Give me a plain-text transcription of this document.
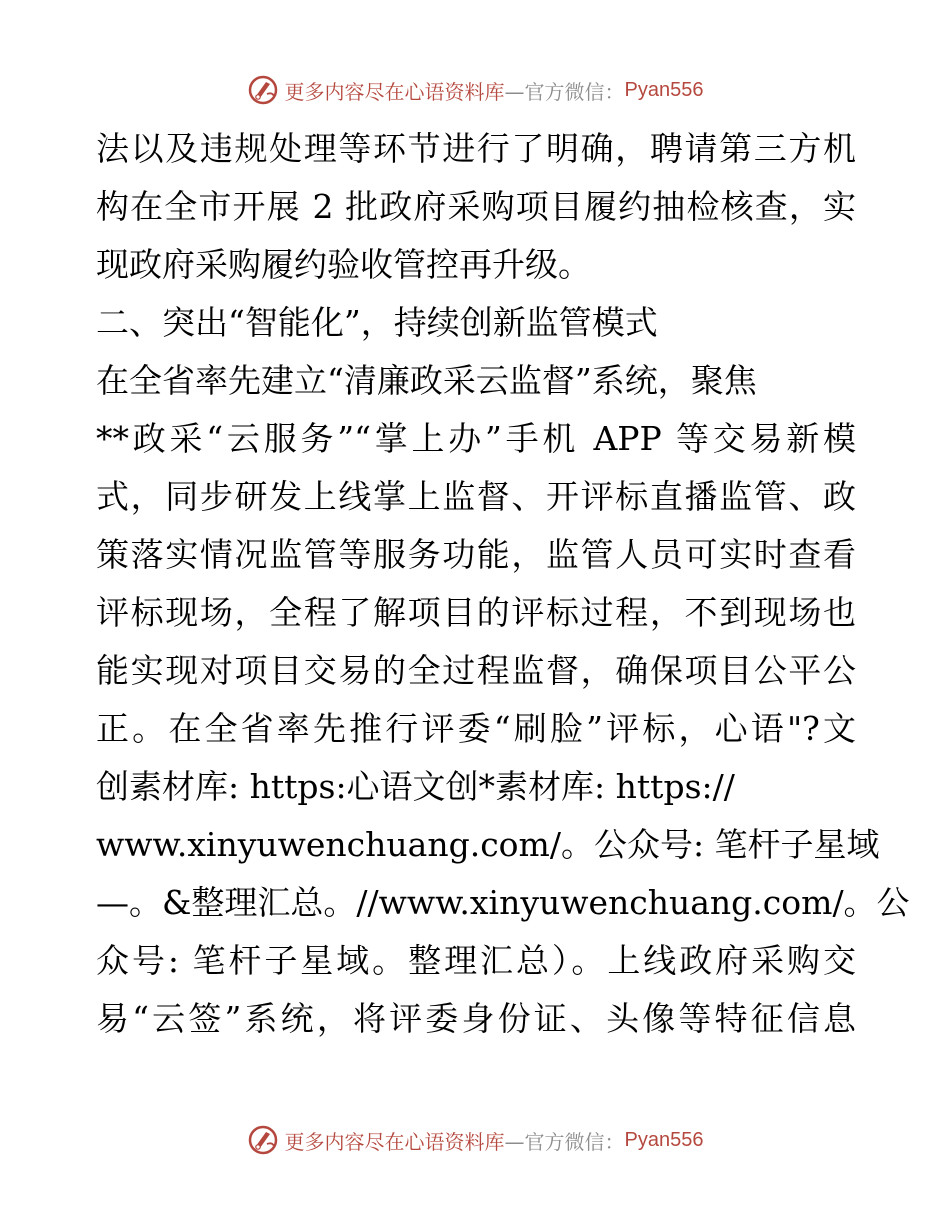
更多内容尽在心语资料库 —官方微信： Pyan556
法以及违规处理等环节进行了明确，聘请第三方机
构在全市开展 2 批政府采购项目履约抽检核查，实
现政府采购履约验收管控再升级。
二、突出“智能化”，持续创新监管模式
在全省率先建立“清廉政采云监督”系统，聚焦
**政采“云服务”“掌上办”手机 APP 等交易新模
式，同步研发上线掌上监督、开评标直播监管、政
策落实情况监管等服务功能，监管人员可实时查看
评标现场，全程了解项目的评标过程，不到现场也
能实现对项目交易的全过程监督，确保项目公平公
正。在全省率先推行评委“刷脸”评标，心语"?文
创素材库: https:心语文创*素材库: https://
www.xinyuwenchuang.com/。公众号: 笔杆子星域
—。&整理汇总。//www.xinyuwenchuang.com/。公
众号: 笔杆子星域。整理汇总）。上线政府采购交
易“云签”系统，将评委身份证、头像等特征信息
更多内容尽在心语资料库 —官方微信： Pyan556
